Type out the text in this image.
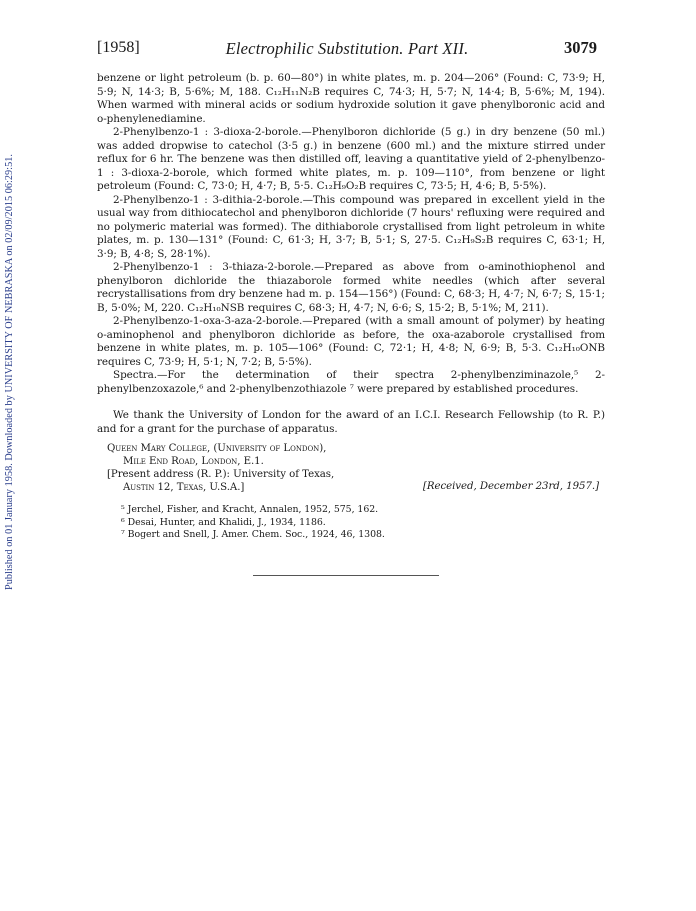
Published on 01 January 1958. Downloaded by UNIVERSITY OF NEBRASKA on 02/09/2015 06:29:51.
[1958]	Electrophilic Substitution. Part XII.	3079

benzene or light petroleum (b. p. 60—80°) in white plates, m. p. 204—206° (Found: C, 73·9; H, 5·9; N, 14·3; B, 5·6%; M, 188. C₁₂H₁₁N₂B requires C, 74·3; H, 5·7; N, 14·4; B, 5·6%; M, 194). When warmed with mineral acids or sodium hydroxide solution it gave phenylboronic acid and o-phenylenediamine.

2-Phenylbenzo-1 : 3-dioxa-2-borole.—Phenylboron dichloride (5 g.) in dry benzene (50 ml.) was added dropwise to catechol (3·5 g.) in benzene (600 ml.) and the mixture stirred under reflux for 6 hr. The benzene was then distilled off, leaving a quantitative yield of 2-phenylbenzo-1 : 3-dioxa-2-borole, which formed white plates, m. p. 109—110°, from benzene or light petroleum (Found: C, 73·0; H, 4·7; B, 5·5. C₁₂H₉O₂B requires C, 73·5; H, 4·6; B, 5·5%).

2-Phenylbenzo-1 : 3-dithia-2-borole.—This compound was prepared in excellent yield in the usual way from dithiocatechol and phenylboron dichloride (7 hours' refluxing were required and no polymeric material was formed). The dithiaborole crystallised from light petroleum in white plates, m. p. 130—131° (Found: C, 61·3; H, 3·7; B, 5·1; S, 27·5. C₁₂H₉S₂B requires C, 63·1; H, 3·9; B, 4·8; S, 28·1%).

2-Phenylbenzo-1 : 3-thiaza-2-borole.—Prepared as above from o-aminothiophenol and phenylboron dichloride the thiazaborole formed white needles (which after several recrystallisations from dry benzene had m. p. 154—156°) (Found: C, 68·3; H, 4·7; N, 6·7; S, 15·1; B, 5·0%; M, 220. C₁₂H₁₀NSB requires C, 68·3; H, 4·7; N, 6·6; S, 15·2; B, 5·1%; M, 211).

2-Phenylbenzo-1-oxa-3-aza-2-borole.—Prepared (with a small amount of polymer) by heating o-aminophenol and phenylboron dichloride as before, the oxa-azaborole crystallised from benzene in white plates, m. p. 105—106° (Found: C, 72·1; H, 4·8; N, 6·9; B, 5·3. C₁₂H₁₀ONB requires C, 73·9; H, 5·1; N, 7·2; B, 5·5%).

Spectra.—For the determination of their spectra 2-phenylbenziminazole,⁵ 2-phenylbenzoxazole,⁶ and 2-phenylbenzothiazole ⁷ were prepared by established procedures.

We thank the University of London for the award of an I.C.I. Research Fellowship (to R. P.) and for a grant for the purchase of apparatus.

Queen Mary College, (University of London),
Mile End Road, London, E.1.
[Present address (R. P.): University of Texas,
Austin 12, Texas, U.S.A.]	[Received, December 23rd, 1957.]
⁵ Jerchel, Fisher, and Kracht, Annalen, 1952, 575, 162.
⁶ Desai, Hunter, and Khalidi, J., 1934, 1186.
⁷ Bogert and Snell, J. Amer. Chem. Soc., 1924, 46, 1308.
